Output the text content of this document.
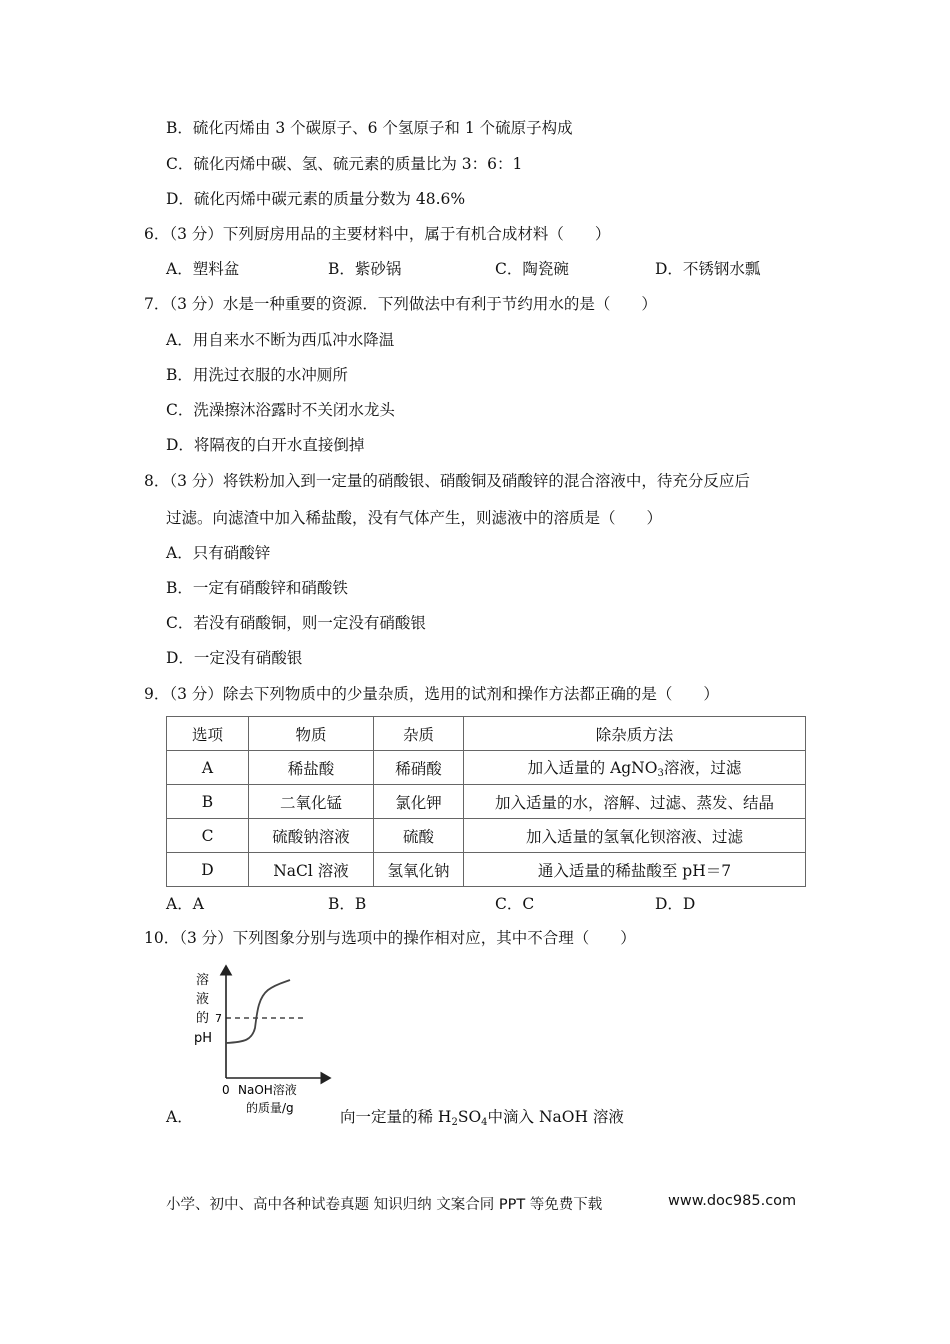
B．硫化丙烯由 3 个碳原子、6 个氢原子和 1 个硫原子构成
C．硫化丙烯中碳、氢、硫元素的质量比为 3：6：1
D．硫化丙烯中碳元素的质量分数为 48.6%
6．（3 分）下列厨房用品的主要材料中，属于有机合成材料（　　）
A．塑料盆	B．紫砂锅	C．陶瓷碗	D．不锈钢水瓢
7．（3 分）水是一种重要的资源．下列做法中有利于节约用水的是（　　）
A．用自来水不断为西瓜冲水降温
B．用洗过衣服的水冲厕所
C．洗澡擦沐浴露时不关闭水龙头
D．将隔夜的白开水直接倒掉
8．（3 分）将铁粉加入到一定量的硝酸银、硝酸铜及硝酸锌的混合溶液中，待充分反应后
过滤。向滤渣中加入稀盐酸，没有气体产生，则滤液中的溶质是（　　）
A．只有硝酸锌
B．一定有硝酸锌和硝酸铁
C．若没有硝酸铜，则一定没有硝酸银
D．一定没有硝酸银
9．（3 分）除去下列物质中的少量杂质，选用的试剂和操作方法都正确的是（　　）
选项	物质	杂质	除杂质方法
A	稀盐酸	稀硝酸	加入适量的 AgNO$_3$溶液，过滤
B	二氧化锰	氯化钾	加入适量的水，溶解、过滤、蒸发、结晶
C	硫酸钠溶液	硫酸	加入适量的氢氧化钡溶液、过滤
D	NaCl 溶液	氢氧化钠	通入适量的稀盐酸至 pH＝7
A．A	B．B	C．C	D．D
10．（3 分）下列图象分别与选项中的操作相对应，其中不合理（　　）
溶
液
的
pH
7
0 NaOH溶液
的质量/g
A．	向一定量的稀 $H_2SO_4$中滴入 NaOH 溶液
小学、初中、高中各种试卷真题 知识归纳 文案合同 PPT 等免费下载	www.doc985.com
